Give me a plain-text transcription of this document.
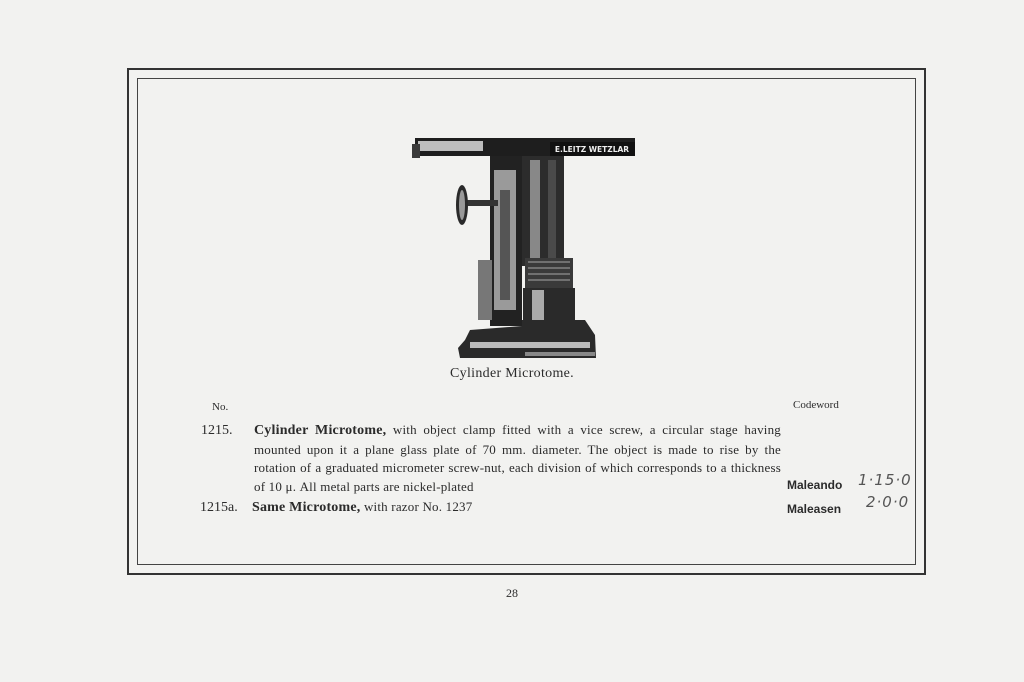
E.LEITZ WETZLAR
Cylinder Microtome.
No.	Codeword
1215. Cylinder Microtome, with object clamp fitted with a vice screw, a circular stage having mounted upon it a plane glass plate of 70 mm. diameter. The object is made to rise by the rotation of a graduated micrometer screw-nut, each division of which corresponds to a thickness of 10 μ. All metal parts are nickel-plated	Maleando 1·15·0
1215a. Same Microtome, with razor No. 1237	Maleasen 2·0·0
28
